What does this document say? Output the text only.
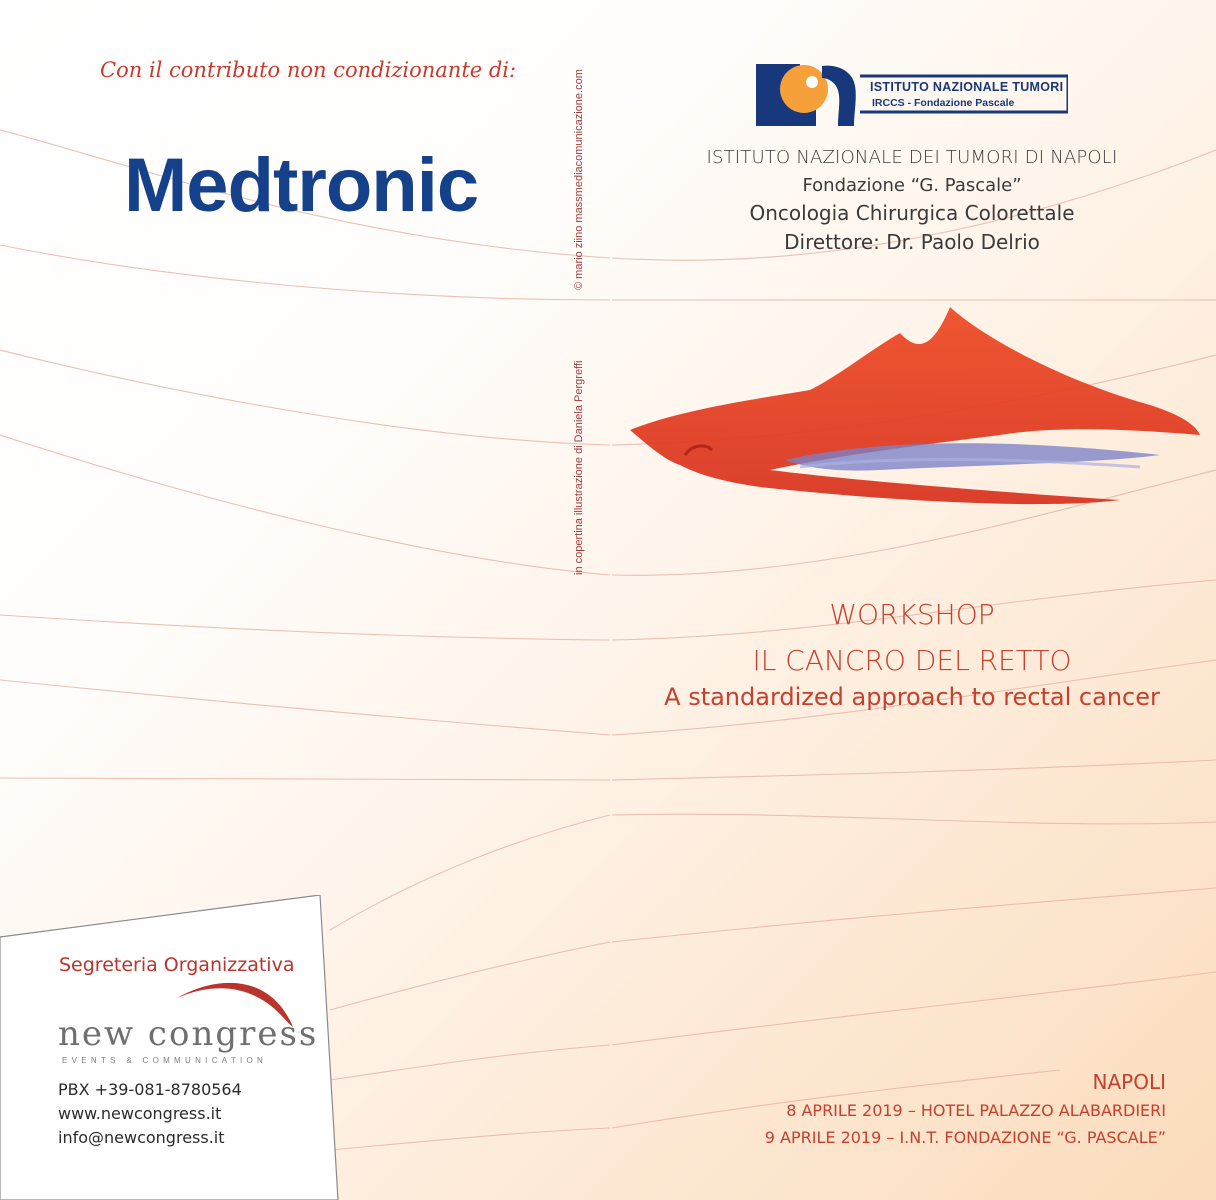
Con il contributo non condizionante di:
Medtronic
in copertina illustrazione di Daniela Pergreffi
© mario ziino massmediacomunicazione.com	ISTITUTO NAZIONALE TUMORI
IRCCS - Fondazione Pascale
ISTITUTO NAZIONALE DEI TUMORI DI NAPOLI
Fondazione “G. Pascale”
Oncologia Chirurgica Colorettale
Direttore: Dr. Paolo Delrio
WORKSHOP
IL CANCRO DEL RETTO
A standardized approach to rectal cancer
NAPOLI
8 APRILE 2019 – HOTEL PALAZZO ALABARDIERI
9 APRILE 2019 – I.N.T. FONDAZIONE “G. PASCALE”
Segreteria Organizzativa
new congress
EVENTS & COMMUNICATION
PBX +39-081-8780564
www.newcongress.it
info@newcongress.it
